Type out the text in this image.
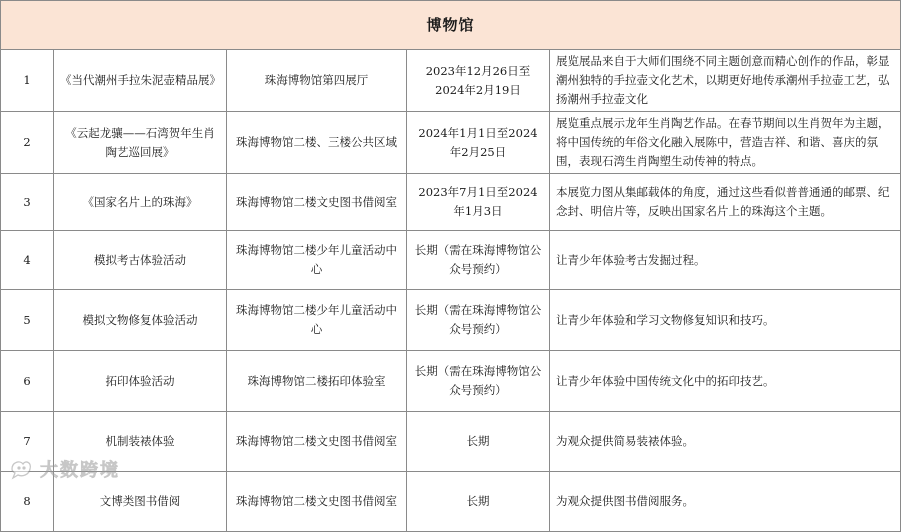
博物馆				
1	《当代潮州手拉朱泥壶精品展》	珠海博物馆第四展厅	2023年12月26日至2024年2月19日	展览展品来自于大师们围绕不同主题创意而精心创作的作品，彰显潮州独特的手拉壶文化艺术，以期更好地传承潮州手拉壶工艺，弘扬潮州手拉壶文化
2	《云起龙骧——石湾贺年生肖陶艺巡回展》	珠海博物馆二楼、三楼公共区域	2024年1月1日至2024年2月25日	展览重点展示龙年生肖陶艺作品。在春节期间以生肖贺年为主题，将中国传统的年俗文化融入展陈中，营造吉祥、和谐、喜庆的氛围，表现石湾生肖陶塑生动传神的特点。
3	《国家名片上的珠海》	珠海博物馆二楼文史图书借阅室	2023年7月1日至2024年1月3日	本展览力图从集邮载体的角度，通过这些看似普普通通的邮票、纪念封、明信片等，反映出国家名片上的珠海这个主题。
4	模拟考古体验活动	珠海博物馆二楼少年儿童活动中心	长期（需在珠海博物馆公众号预约）	让青少年体验考古发掘过程。
5	模拟文物修复体验活动	珠海博物馆二楼少年儿童活动中心	长期（需在珠海博物馆公众号预约）	让青少年体验和学习文物修复知识和技巧。
6	拓印体验活动	珠海博物馆二楼拓印体验室	长期（需在珠海博物馆公众号预约）	让青少年体验中国传统文化中的拓印技艺。
7	机制装裱体验	珠海博物馆二楼文史图书借阅室	长期	为观众提供简易装裱体验。
8	文博类图书借阅	珠海博物馆二楼文史图书借阅室	长期	为观众提供图书借阅服务。
大数跨境
